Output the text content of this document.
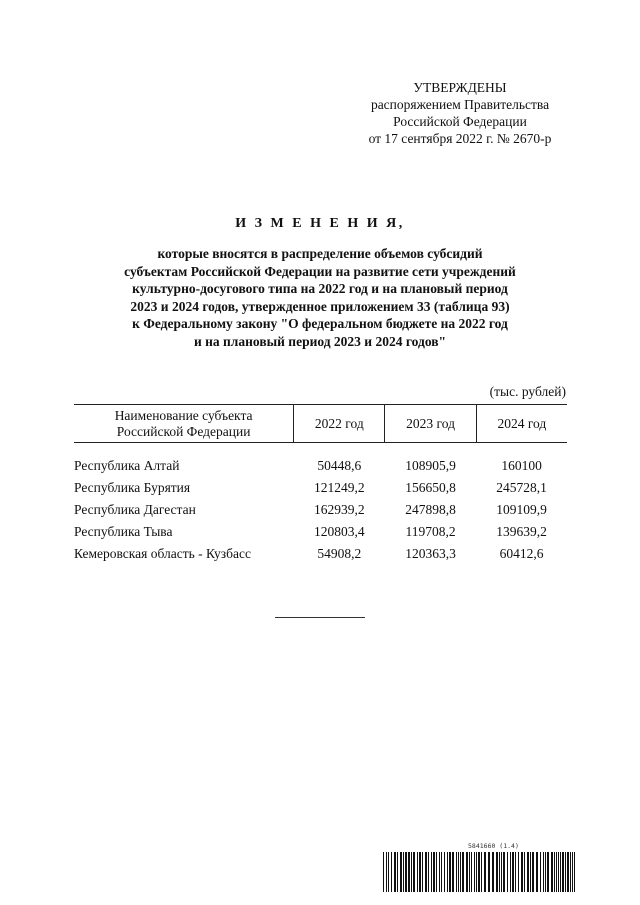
УТВЕРЖДЕНЫ
распоряжением Правительства
Российской Федерации
от 17 сентября 2022 г. № 2670-р
И З М Е Н Е Н И Я,
которые вносятся в распределение объемов субсидий
субъектам Российской Федерации на развитие сети учреждений
культурно-досугового типа на 2022 год и на плановый период
2023 и 2024 годов, утвержденное приложением 33 (таблица 93)
к Федеральному закону "О федеральном бюджете на 2022 год
и на плановый период 2023 и 2024 годов"
(тыс. рублей)
Наименование субъекта
Российской Федерации	2022 год	2023 год	2024 год

Республика Алтай	50448,6	108905,9	160100
Республика Бурятия	121249,2	156650,8	245728,1
Республика Дагестан	162939,2	247898,8	109109,9
Республика Тыва	120803,4	119708,2	139639,2
Кемеровская область - Кузбасс	54908,2	120363,3	60412,6
5841660 (1.4)
